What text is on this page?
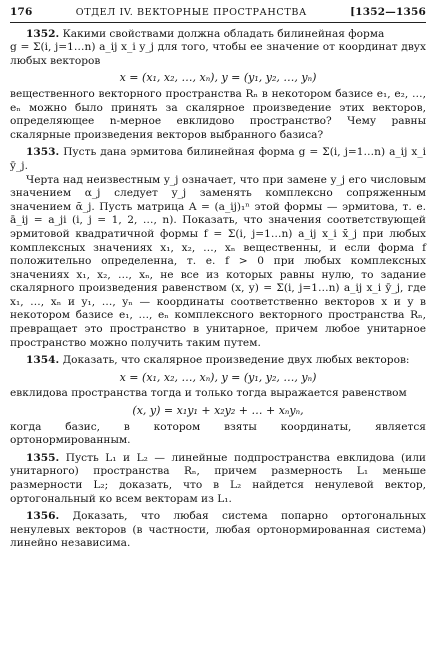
176	ОТДЕЛ IV. ВЕКТОРНЫЕ ПРОСТРАНСТВА	[1352—1356

1352. Какими свойствами должна обладать билинейная форма

g = Σ(i, j=1…n) a_ij x_i y_j для того, чтобы ее значение от координат двух любых векторов

x = (x₁, x₂, …, xₙ), y = (y₁, y₂, …, yₙ)

вещественного векторного пространства Rₙ в некотором базисе e₁, e₂, …, eₙ можно было принять за скалярное произведение этих векторов, определяющее n-мерное евклидово пространство? Чему равны скалярные произведения векторов выбранного базиса?

1353. Пусть дана эрмитова билинейная форма g = Σ(i, j=1…n) a_ij x_i ȳ_j.

Черта над неизвестным y_j означает, что при замене y_j его числовым значением α_j следует y_j заменять комплексно сопряженным значением ᾱ_j. Пусть матрица A = (a_ij)₁ⁿ этой формы — эрмитова, т. е. ā_ij = a_ji (i, j = 1, 2, …, n). Показать, что значения соответствующей эрмитовой квадратичной формы f = Σ(i, j=1…n) a_ij x_i x̄_j при любых комплексных значениях x₁, x₂, …, xₙ вещественны, и если форма f положительно определенна, т. е. f > 0 при любых комплексных значениях x₁, x₂, …, xₙ, не все из которых равны нулю, то задание скалярного произведения равенством (x, y) = Σ(i, j=1…n) a_ij x_i ȳ_j, где x₁, …, xₙ и y₁, …, yₙ — координаты соответственно векторов x и y в некотором базисе e₁, …, eₙ комплексного векторного пространства Rₙ, превращает это пространство в унитарное, причем любое унитарное пространство можно получить таким путем.

1354. Доказать, что скалярное произведение двух любых векторов:

x = (x₁, x₂, …, xₙ), y = (y₁, y₂, …, yₙ)

евклидова пространства тогда и только тогда выражается равенством

(x, y) = x₁y₁ + x₂y₂ + … + xₙyₙ,

когда базис, в котором взяты координаты, является ортонормированным.

1355. Пусть L₁ и L₂ — линейные подпространства евклидова (или унитарного) пространства Rₙ, причем размерность L₁ меньше размерности L₂; доказать, что в L₂ найдется ненулевой вектор, ортогональный ко всем векторам из L₁.

1356. Доказать, что любая система попарно ортогональных ненулевых векторов (в частности, любая ортонормированная система) линейно независима.
